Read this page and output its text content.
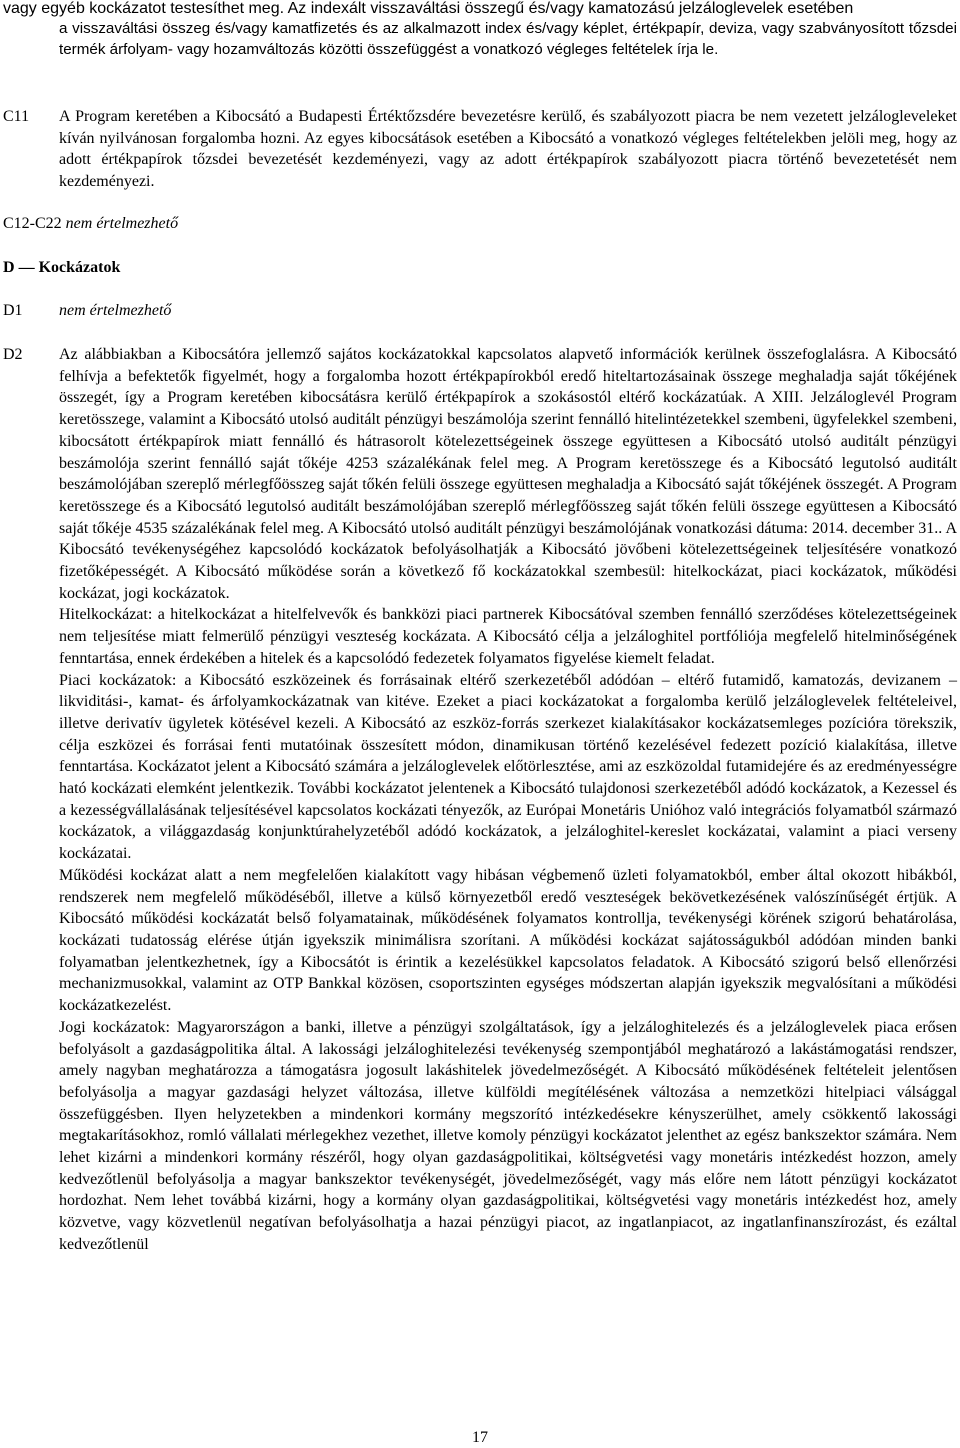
vagy egyéb kockázatot testesíthet meg. Az indexált visszaváltási összegű és/vagy kamatozású jelzáloglevelek esetében

a visszaváltási összeg és/vagy kamatfizetés és az alkalmazott index és/vagy képlet, értékpapír, deviza, vagy szabványosított tőzsdei termék árfolyam- vagy hozamváltozás közötti összefüggést a vonatkozó végleges feltételek írja le.

C11 A Program keretében a Kibocsátó a Budapesti Értéktőzsdére bevezetésre kerülő, és szabályozott piacra be nem vezetett jelzálogleveleket kíván nyilvánosan forgalomba hozni. Az egyes kibocsátások esetében a Kibocsátó a vonatkozó végleges feltételekben jelöli meg, hogy az adott értékpapírok tőzsdei bevezetését kezdeményezi, vagy az adott értékpapírok szabályozott piacra történő bevezetetését nem kezdeményezi.

C12-C22 nem értelmezhető
D — Kockázatok
D1 nem értelmezhető
D2 Az alábbiakban a Kibocsátóra jellemző sajátos kockázatokkal kapcsolatos alapvető információk kerülnek összefoglalásra. A Kibocsátó felhívja a befektetők figyelmét, hogy a forgalomba hozott értékpapírokból eredő hiteltartozásainak összege meghaladja saját tőkéjének összegét, így a Program keretében kibocsátásra kerülő értékpapírok a szokásostól eltérő kockázatúak. A XIII. Jelzáloglevél Program keretösszege, valamint a Kibocsátó utolsó auditált pénzügyi beszámolója szerint fennálló hitelintézetekkel szembeni, ügyfelekkel szembeni, kibocsátott értékpapírok miatt fennálló és hátrasorolt kötelezettségeinek összege együttesen a Kibocsátó utolsó auditált pénzügyi beszámolója szerint fennálló saját tőkéje 4253 százalékának felel meg. A Program keretösszege és a Kibocsátó legutolsó auditált beszámolójában szereplő mérlegfőösszeg saját tőkén felüli összege együttesen meghaladja a Kibocsátó saját tőkéjének összegét. A Program keretösszege és a Kibocsátó legutolsó auditált beszámolójában szereplő mérlegfőösszeg saját tőkén felüli összege együttesen a Kibocsátó saját tőkéje 4535 százalékának felel meg. A Kibocsátó utolsó auditált pénzügyi beszámolójának vonatkozási dátuma: 2014. december 31.. A Kibocsátó tevékenységéhez kapcsolódó kockázatok befolyásolhatják a Kibocsátó jövőbeni kötelezettségeinek teljesítésére vonatkozó fizetőképességét. A Kibocsátó működése során a következő fő kockázatokkal szembesül: hitelkockázat, piaci kockázatok, működési kockázat, jogi kockázatok.

Hitelkockázat: a hitelkockázat a hitelfelvevők és bankközi piaci partnerek Kibocsátóval szemben fennálló szerződéses kötelezettségeinek nem teljesítése miatt felmerülő pénzügyi veszteség kockázata. A Kibocsátó célja a jelzáloghitel portfóliója megfelelő hitelminőségének fenntartása, ennek érdekében a hitelek és a kapcsolódó fedezetek folyamatos figyelése kiemelt feladat.

Piaci kockázatok: a Kibocsátó eszközeinek és forrásainak eltérő szerkezetéből adódóan – eltérő futamidő, kamatozás, devizanem – likviditási-, kamat- és árfolyamkockázatnak van kitéve. Ezeket a piaci kockázatokat a forgalomba kerülő jelzáloglevelek feltételeivel, illetve derivatív ügyletek kötésével kezeli. A Kibocsátó az eszköz-forrás szerkezet kialakításakor kockázatsemleges pozícióra törekszik, célja eszközei és forrásai fenti mutatóinak összesített módon, dinamikusan történő kezelésével fedezett pozíció kialakítása, illetve fenntartása. Kockázatot jelent a Kibocsátó számára a jelzáloglevelek előtörlesztése, ami az eszközoldal futamidejére és az eredményességre ható kockázati elemként jelentkezik. További kockázatot jelentenek a Kibocsátó tulajdonosi szerkezetéből adódó kockázatok, a Kezessel és a kezességvállalásának teljesítésével kapcsolatos kockázati tényezők, az Európai Monetáris Unióhoz való integrációs folyamatból származó kockázatok, a világgazdaság konjunktúrahelyzetéből adódó kockázatok, a jelzáloghitel-kereslet kockázatai, valamint a piaci verseny kockázatai.

Működési kockázat alatt a nem megfelelően kialakított vagy hibásan végbemenő üzleti folyamatokból, ember által okozott hibákból, rendszerek nem megfelelő működéséből, illetve a külső környezetből eredő veszteségek bekövetkezésének valószínűségét értjük. A Kibocsátó működési kockázatát belső folyamatainak, működésének folyamatos kontrollja, tevékenységi körének szigorú behatárolása, kockázati tudatosság elérése útján igyekszik minimálisra szorítani. A működési kockázat sajátosságukból adódóan minden banki folyamatban jelentkezhetnek, így a Kibocsátót is érintik a kezelésükkel kapcsolatos feladatok. A Kibocsátó szigorú belső ellenőrzési mechanizmusokkal, valamint az OTP Bankkal közösen, csoportszinten egységes módszertan alapján igyekszik megvalósítani a működési kockázatkezelést.

Jogi kockázatok: Magyarországon a banki, illetve a pénzügyi szolgáltatások, így a jelzáloghitelezés és a jelzáloglevelek piaca erősen befolyásolt a gazdaságpolitika által. A lakossági jelzáloghitelezési tevékenység szempontjából meghatározó a lakástámogatási rendszer, amely nagyban meghatározza a támogatásra jogosult lakáshitelek jövedelmezőségét. A Kibocsátó működésének feltételeit jelentősen befolyásolja a magyar gazdasági helyzet változása, illetve külföldi megítélésének változása a nemzetközi hitelpiaci válsággal összefüggésben. Ilyen helyzetekben a mindenkori kormány megszorító intézkedésekre kényszerülhet, amely csökkentő lakossági megtakarításokhoz, romló vállalati mérlegekhez vezethet, illetve komoly pénzügyi kockázatot jelenthet az egész bankszektor számára. Nem lehet kizárni a mindenkori kormány részéről, hogy olyan gazdaságpolitikai, költségvetési vagy monetáris intézkedést hozzon, amely kedvezőtlenül befolyásolja a magyar bankszektor tevékenységét, jövedelmezőségét, vagy más előre nem látott pénzügyi kockázatot hordozhat. Nem lehet továbbá kizárni, hogy a kormány olyan gazdaságpolitikai, költségvetési vagy monetáris intézkedést hoz, amely közvetve, vagy közvetlenül negatívan befolyásolhatja a hazai pénzügyi piacot, az ingatlanpiacot, az ingatlanfinanszírozást, és ezáltal kedvezőtlenül

17
